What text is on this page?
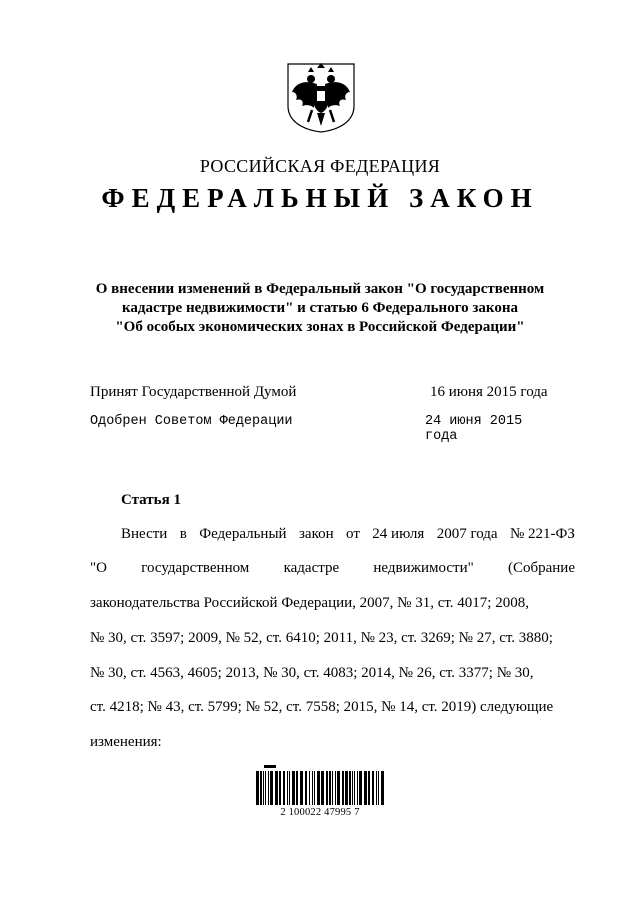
РОССИЙСКАЯ ФЕДЕРАЦИЯ
ФЕДЕРАЛЬНЫЙ ЗАКОН
О внесении изменений в Федеральный закон "О государственном
кадастре недвижимости" и статью 6 Федерального закона
"Об особых экономических зонах в Российской Федерации"
Принят Государственной Думой	16 июня 2015 года
Одобрен Советом Федерации	24 июня 2015 года
Статья 1
Внести в Федеральный закон от 24 июля 2007 года № 221-ФЗ
"О государственном кадастре недвижимости" (Собрание
законодательства Российской Федерации, 2007, № 31, ст. 4017; 2008,
№ 30, ст. 3597; 2009, № 52, ст. 6410; 2011, № 23, ст. 3269; № 27, ст. 3880;
№ 30, ст. 4563, 4605; 2013, № 30, ст. 4083; 2014, № 26, ст. 3377; № 30,
ст. 4218; № 43, ст. 5799; № 52, ст. 7558; 2015, № 14, ст. 2019) следующие
изменения:
2 100022 47995 7
